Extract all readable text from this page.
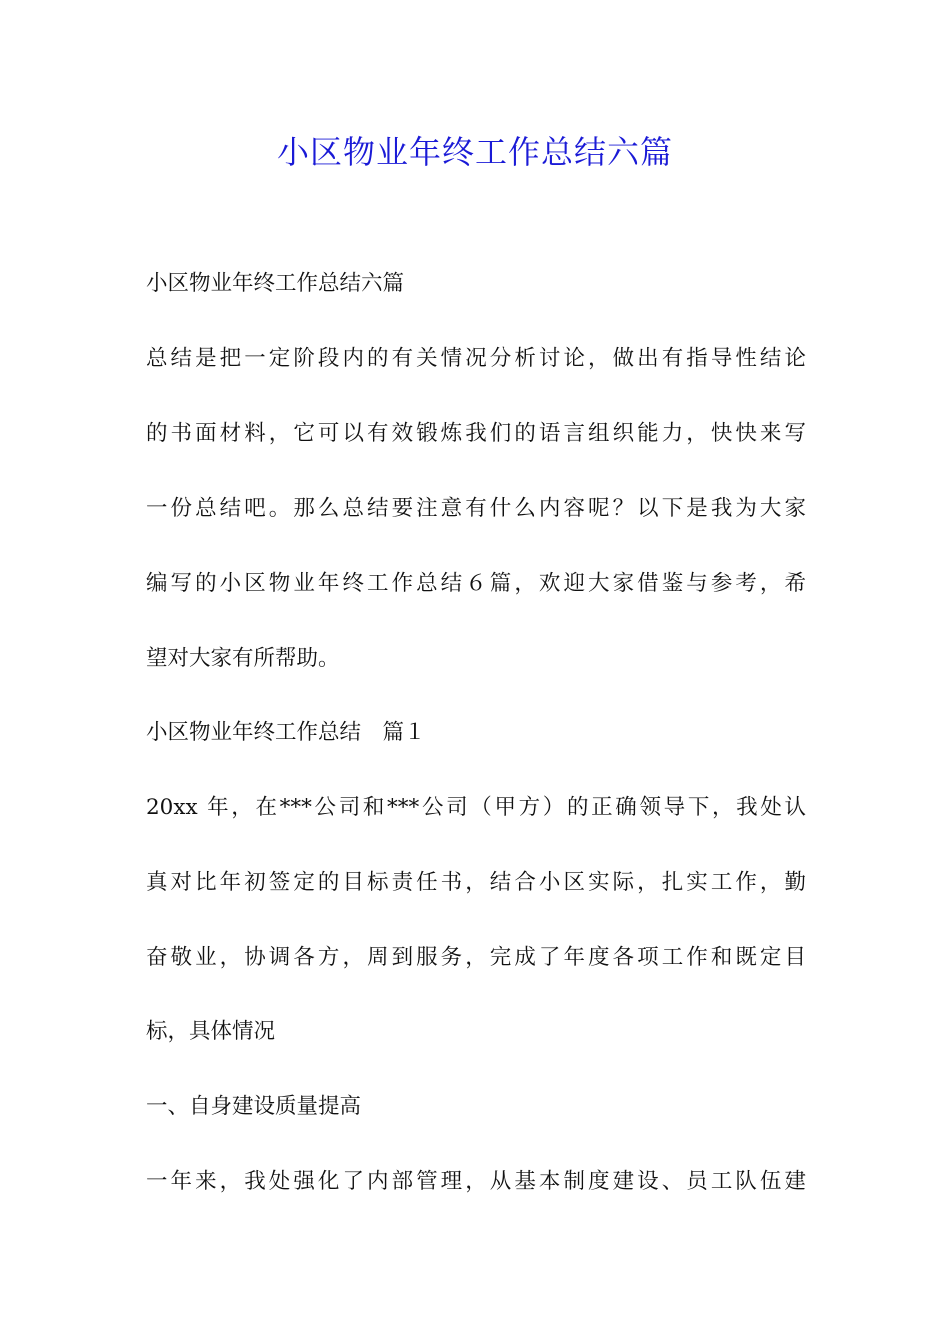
小区物业年终工作总结六篇
小区物业年终工作总结六篇
总结是把一定阶段内的有关情况分析讨论，做出有指导性结论
的书面材料，它可以有效锻炼我们的语言组织能力，快快来写
一份总结吧。那么总结要注意有什么内容呢？以下是我为大家
编写的小区物业年终工作总结６篇，欢迎大家借鉴与参考，希
望对大家有所帮助。
小区物业年终工作总结　篇１
20xx 年，在***公司和***公司（甲方）的正确领导下，我处认
真对比年初签定的目标责任书，结合小区实际，扎实工作，勤
奋敬业，协调各方，周到服务，完成了年度各项工作和既定目
标，具体情况
一、自身建设质量提高
一年来，我处强化了内部管理，从基本制度建设、员工队伍建
